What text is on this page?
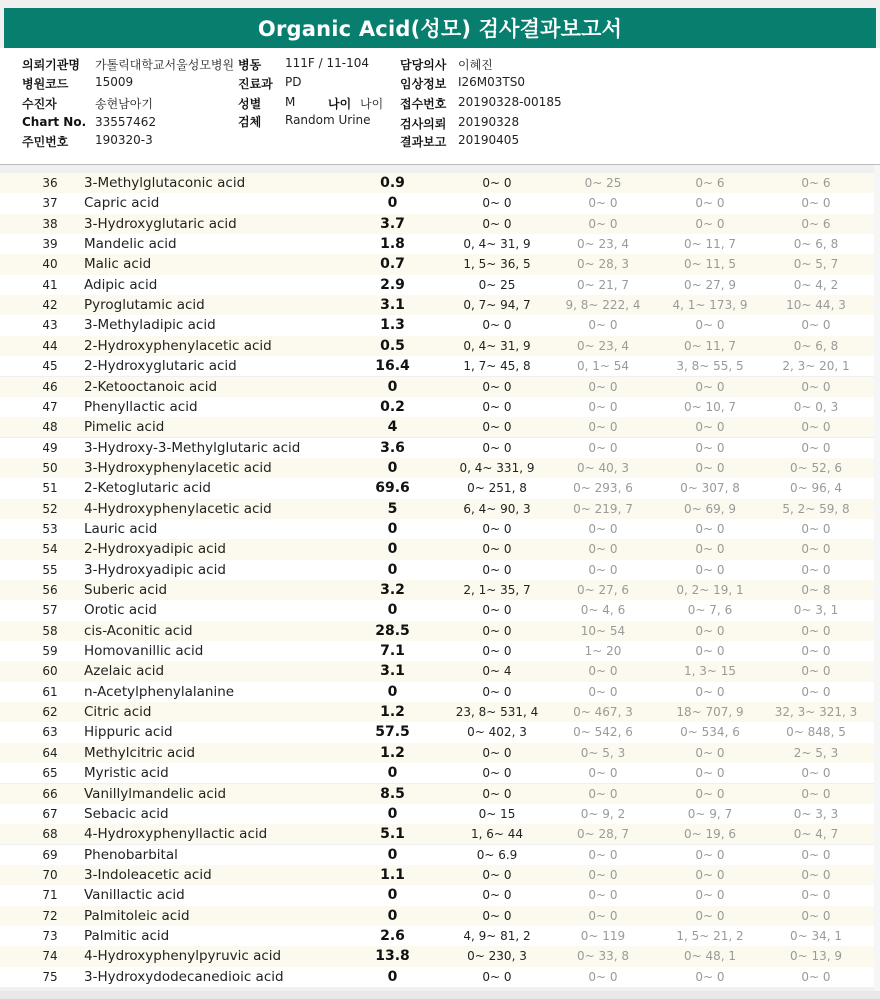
Organic Acid(성모) 검사결과보고서
의뢰기관명 가톨릭대학교서울성모병원 병동 111F / 11-104	담당의사 이혜진
병원코드 15009	진료과 PD	임상정보 I26M03TS0
수진자	송현남아기	성별 M	나이 나이 접수번호 20190328-00185
Chart No. 33557462	검체 Random Urine 검사의뢰 20190328
주민번호 190320-3	결과보고 20190405
36	3-Methylglutaconic acid	0.9	0~ 0	0~ 25	0~ 6	0~ 6
37	Capric acid	0	0~ 0	0~ 0	0~ 0	0~ 0
38	3-Hydroxyglutaric acid	3.7	0~ 0	0~ 0	0~ 0	0~ 6
39	Mandelic acid	1.8	0, 4~ 31, 9	0~ 23, 4	0~ 11, 7	0~ 6, 8
40	Malic acid	0.7	1, 5~ 36, 5	0~ 28, 3	0~ 11, 5	0~ 5, 7
41	Adipic acid	2.9	0~ 25	0~ 21, 7	0~ 27, 9	0~ 4, 2
42	Pyroglutamic acid	3.1	0, 7~ 94, 7	9, 8~ 222, 4	4, 1~ 173, 9	10~ 44, 3
43	3-Methyladipic acid	1.3	0~ 0	0~ 0	0~ 0	0~ 0
44	2-Hydroxyphenylacetic acid	0.5	0, 4~ 31, 9	0~ 23, 4	0~ 11, 7	0~ 6, 8
45	2-Hydroxyglutaric acid	16.4	1, 7~ 45, 8	0, 1~ 54	3, 8~ 55, 5	2, 3~ 20, 1
46	2-Ketooctanoic acid	0	0~ 0	0~ 0	0~ 0	0~ 0
47	Phenyllactic acid	0.2	0~ 0	0~ 0	0~ 10, 7	0~ 0, 3
48	Pimelic acid	4	0~ 0	0~ 0	0~ 0	0~ 0
49	3-Hydroxy-3-Methylglutaric acid	3.6	0~ 0	0~ 0	0~ 0	0~ 0
50	3-Hydroxyphenylacetic acid	0	0, 4~ 331, 9	0~ 40, 3	0~ 0	0~ 52, 6
51	2-Ketoglutaric acid	69.6	0~ 251, 8	0~ 293, 6	0~ 307, 8	0~ 96, 4
52	4-Hydroxyphenylacetic acid	5	6, 4~ 90, 3	0~ 219, 7	0~ 69, 9	5, 2~ 59, 8
53	Lauric acid	0	0~ 0	0~ 0	0~ 0	0~ 0
54	2-Hydroxyadipic acid	0	0~ 0	0~ 0	0~ 0	0~ 0
55	3-Hydroxyadipic acid	0	0~ 0	0~ 0	0~ 0	0~ 0
56	Suberic acid	3.2	2, 1~ 35, 7	0~ 27, 6	0, 2~ 19, 1	0~ 8
57	Orotic acid	0	0~ 0	0~ 4, 6	0~ 7, 6	0~ 3, 1
58	cis-Aconitic acid	28.5	0~ 0	10~ 54	0~ 0	0~ 0
59	Homovanillic acid	7.1	0~ 0	1~ 20	0~ 0	0~ 0
60	Azelaic acid	3.1	0~ 4	0~ 0	1, 3~ 15	0~ 0
61	n-Acetylphenylalanine	0	0~ 0	0~ 0	0~ 0	0~ 0
62	Citric acid	1.2	23, 8~ 531, 4	0~ 467, 3	18~ 707, 9	32, 3~ 321, 3
63	Hippuric acid	57.5	0~ 402, 3	0~ 542, 6	0~ 534, 6	0~ 848, 5
64	Methylcitric acid	1.2	0~ 0	0~ 5, 3	0~ 0	2~ 5, 3
65	Myristic acid	0	0~ 0	0~ 0	0~ 0	0~ 0
66	Vanillylmandelic acid	8.5	0~ 0	0~ 0	0~ 0	0~ 0
67	Sebacic acid	0	0~ 15	0~ 9, 2	0~ 9, 7	0~ 3, 3
68	4-Hydroxyphenyllactic acid	5.1	1, 6~ 44	0~ 28, 7	0~ 19, 6	0~ 4, 7
69	Phenobarbital	0	0~ 6.9	0~ 0	0~ 0	0~ 0
70	3-Indoleacetic acid	1.1	0~ 0	0~ 0	0~ 0	0~ 0
71	Vanillactic acid	0	0~ 0	0~ 0	0~ 0	0~ 0
72	Palmitoleic acid	0	0~ 0	0~ 0	0~ 0	0~ 0
73	Palmitic acid	2.6	4, 9~ 81, 2	0~ 119	1, 5~ 21, 2	0~ 34, 1
74	4-Hydroxyphenylpyruvic acid	13.8	0~ 230, 3	0~ 33, 8	0~ 48, 1	0~ 13, 9
75	3-Hydroxydodecanedioic acid	0	0~ 0	0~ 0	0~ 0	0~ 0
